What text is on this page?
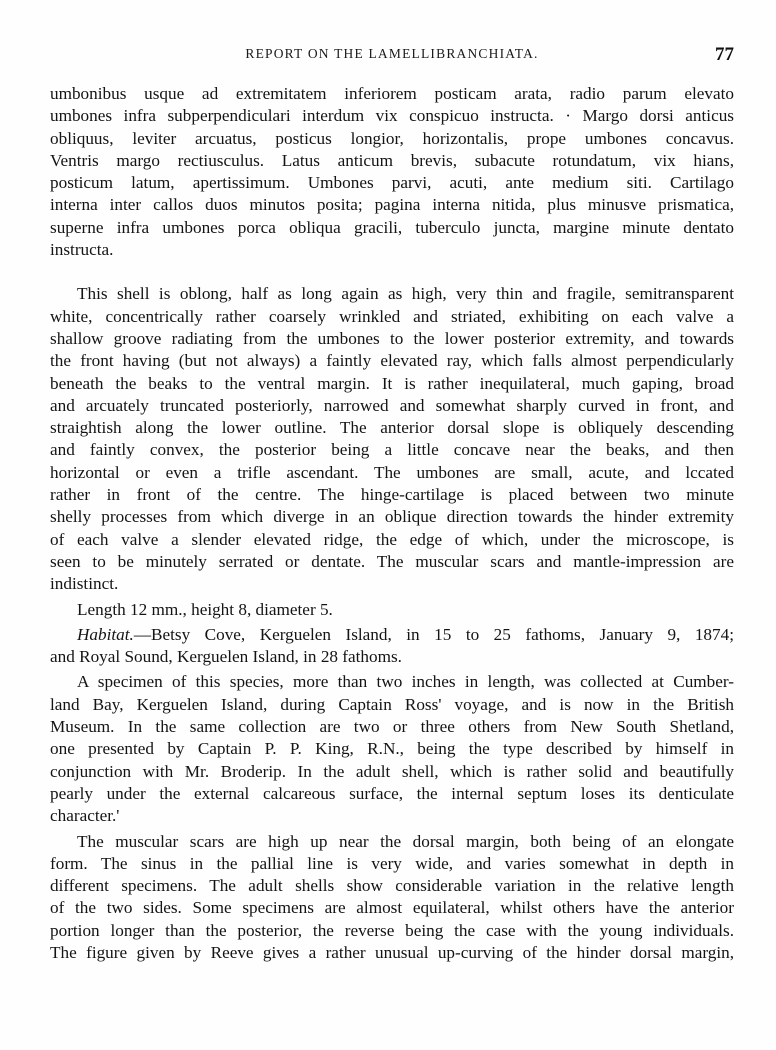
REPORT ON THE LAMELLIBRANCHIATA.	77
umbonibus usque ad extremitatem inferiorem posticam arata, radio parum elevato
umbones infra subperpendiculari interdum vix conspicuo instructa. · Margo dorsi anticus
obliquus, leviter arcuatus, posticus longior, horizontalis, prope umbones concavus.
Ventris margo rectiusculus. Latus anticum brevis, subacute rotundatum, vix hians,
posticum latum, apertissimum. Umbones parvi, acuti, ante medium siti. Cartilago
interna inter callos duos minutos posita; pagina interna nitida, plus minusve prismatica,
superne infra umbones porca obliqua gracili, tuberculo juncta, margine minute dentato
instructa.
This shell is oblong, half as long again as high, very thin and fragile, semitransparent
white, concentrically rather coarsely wrinkled and striated, exhibiting on each valve a
shallow groove radiating from the umbones to the lower posterior extremity, and towards
the front having (but not always) a faintly elevated ray, which falls almost perpendicularly
beneath the beaks to the ventral margin. It is rather inequilateral, much gaping, broad
and arcuately truncated posteriorly, narrowed and somewhat sharply curved in front, and
straightish along the lower outline. The anterior dorsal slope is obliquely descending
and faintly convex, the posterior being a little concave near the beaks, and then
horizontal or even a trifle ascendant. The umbones are small, acute, and lccated
rather in front of the centre. The hinge-cartilage is placed between two minute
shelly processes from which diverge in an oblique direction towards the hinder extremity
of each valve a slender elevated ridge, the edge of which, under the microscope, is
seen to be minutely serrated or dentate. The muscular scars and mantle-impression are
indistinct.
Length 12 mm., height 8, diameter 5.
Habitat.—Betsy Cove, Kerguelen Island, in 15 to 25 fathoms, January 9, 1874;
and Royal Sound, Kerguelen Island, in 28 fathoms.
A specimen of this species, more than two inches in length, was collected at Cumber-
land Bay, Kerguelen Island, during Captain Ross' voyage, and is now in the British
Museum. In the same collection are two or three others from New South Shetland,
one presented by Captain P. P. King, R.N., being the type described by himself in
conjunction with Mr. Broderip. In the adult shell, which is rather solid and beautifully
pearly under the external calcareous surface, the internal septum loses its denticulate
character.'
The muscular scars are high up near the dorsal margin, both being of an elongate
form. The sinus in the pallial line is very wide, and varies somewhat in depth in
different specimens. The adult shells show considerable variation in the relative length
of the two sides. Some specimens are almost equilateral, whilst others have the anterior
portion longer than the posterior, the reverse being the case with the young individuals.
The figure given by Reeve gives a rather unusual up-curving of the hinder dorsal margin,
